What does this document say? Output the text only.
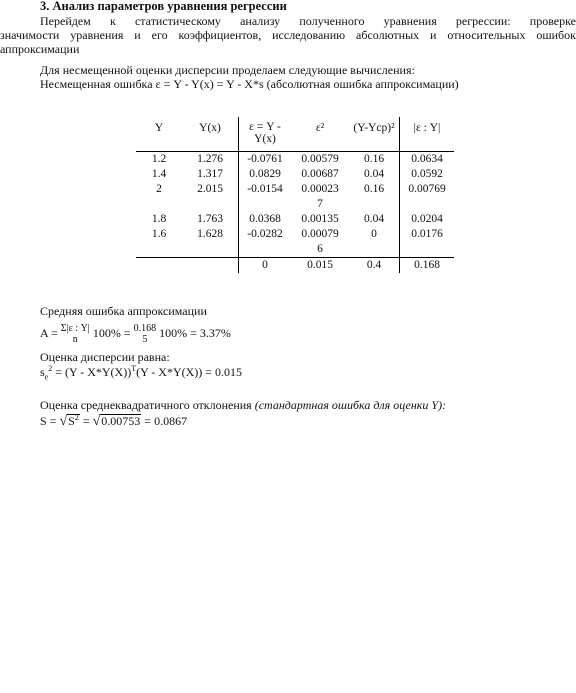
3. Анализ параметров уравнения регрессии
Перейдем к статистическому анализу полученного уравнения регрессии: проверке
значимости уравнения и его коэффициентов, исследованию абсолютных и относительных ошибок
аппроксимации
Для несмещенной оценки дисперсии проделаем следующие вычисления:
Несмещенная ошибка ε = Y - Y(x) = Y - X*s (абсолютная ошибка аппроксимации)
Y	Y(x)	ε = Y - Y(x)	ε²	(Y-Yср)²	|ε : Y|
1.2	1.276	-0.0761	0.00579	0.16	0.0634
1.4	1.317	0.0829	0.00687	0.04	0.0592
2	2.015	-0.0154	0.00023	0.16	0.00769
			7		
1.8	1.763	0.0368	0.00135	0.04	0.0204
1.6	1.628	-0.0282	0.00079	0	0.0176
			6		
		0	0.015	0.4	0.168
Средняя ошибка аппроксимации
A = Σ|ε : Y|
n	100% = 0.168
5 100% = 3.37%
Оценка дисперсии равна:
$s_e^2 = (Y - X*Y(X))^T(Y - X*Y(X)) = 0.015$
Оценка среднеквадратичного отклонения (стандартная ошибка для оценки Y):
$S = √S^2 = √0.00753 = 0.0867$
